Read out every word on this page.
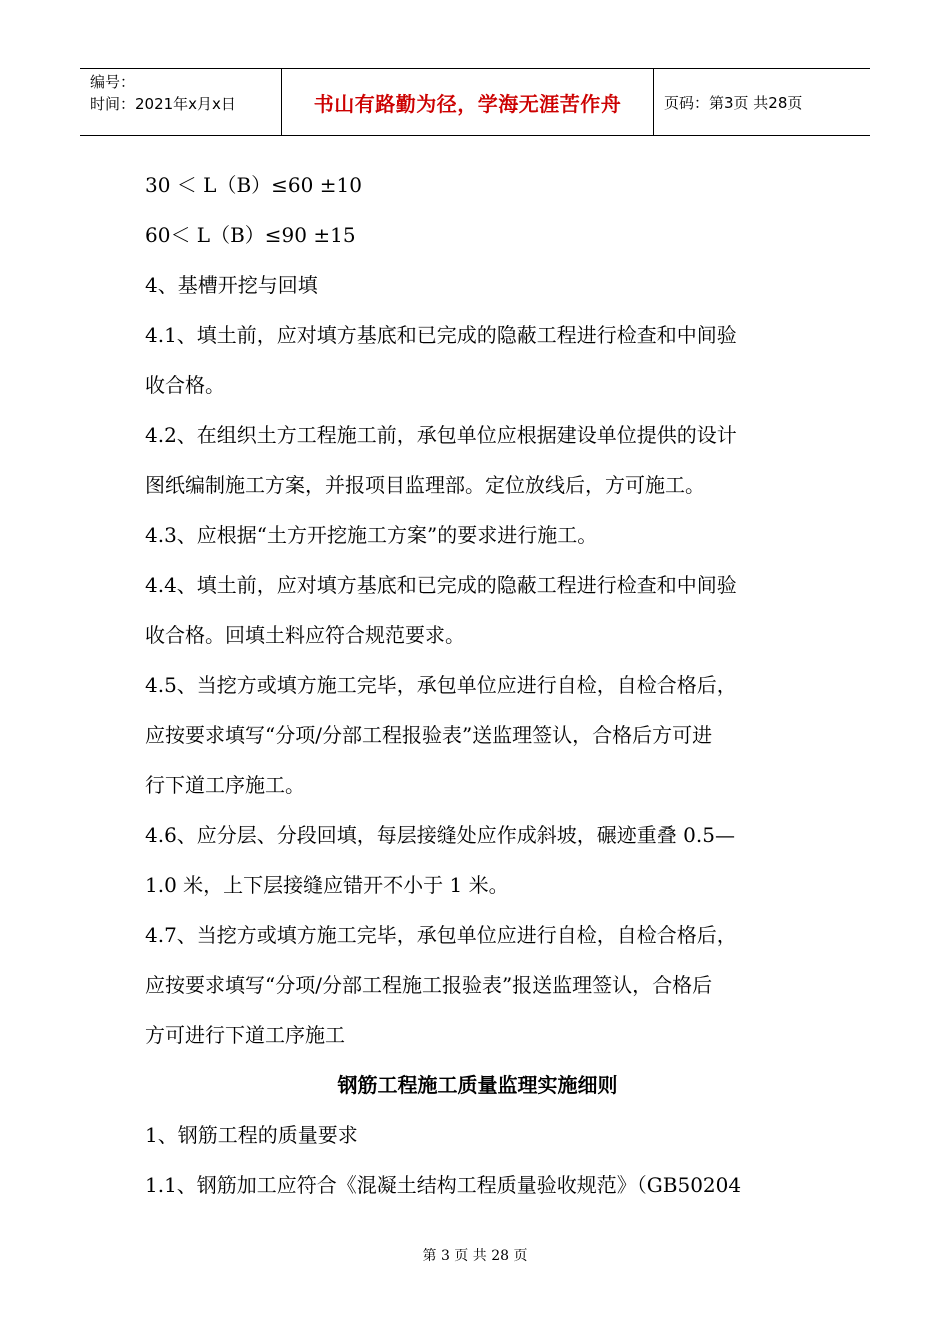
编号：
时间：2021年x月x日	书山有路勤为径，学海无涯苦作舟	页码：第3页 共28页
30 ＜ L（B）≤60 ±10
60＜ L（B）≤90 ±15
4、基槽开挖与回填
4.1、填土前，应对填方基底和已完成的隐蔽工程进行检查和中间验
收合格。
4.2、在组织土方工程施工前，承包单位应根据建设单位提供的设计
图纸编制施工方案，并报项目监理部。定位放线后，方可施工。
4.3、应根据“土方开挖施工方案”的要求进行施工。
4.4、填土前，应对填方基底和已完成的隐蔽工程进行检查和中间验
收合格。回填土料应符合规范要求。
4.5、当挖方或填方施工完毕，承包单位应进行自检，自检合格后，
应按要求填写“分项/分部工程报验表”送监理签认，合格后方可进
行下道工序施工。
4.6、应分层、分段回填，每层接缝处应作成斜坡，碾迹重叠 0.5—
1.0 米，上下层接缝应错开不小于 1 米。
4.7、当挖方或填方施工完毕，承包单位应进行自检，自检合格后，
应按要求填写“分项/分部工程施工报验表”报送监理签认，合格后
方可进行下道工序施工
钢筋工程施工质量监理实施细则
1、钢筋工程的质量要求
1.1、钢筋加工应符合《混凝土结构工程质量验收规范》（GB50204
第 3 页 共 28 页
